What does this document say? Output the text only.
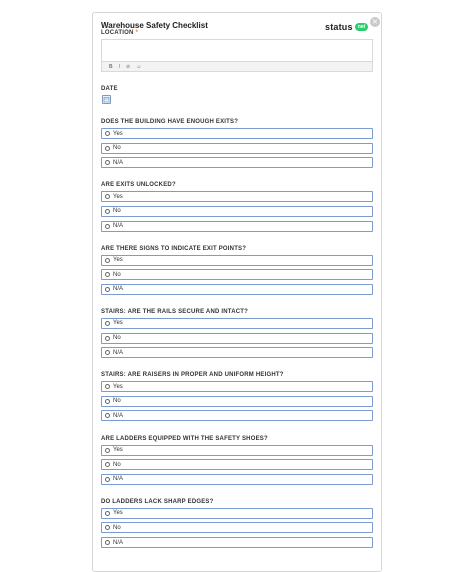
×
Warehouse Safety Checklist	status	net
LOCATION *
B I ⊘ ☺
DATE
DOES THE BUILDING HAVE ENOUGH EXITS?
Yes
No
N/A
ARE EXITS UNLOCKED?
Yes
No
N/A
ARE THERE SIGNS TO INDICATE EXIT POINTS?
Yes
No
N/A
STAIRS: ARE THE RAILS SECURE AND INTACT?
Yes
No
N/A
STAIRS: ARE RAISERS IN PROPER AND UNIFORM HEIGHT?
Yes
No
N/A
ARE LADDERS EQUIPPED WITH THE SAFETY SHOES?
Yes
No
N/A
DO LADDERS LACK SHARP EDGES?
Yes
No
N/A
